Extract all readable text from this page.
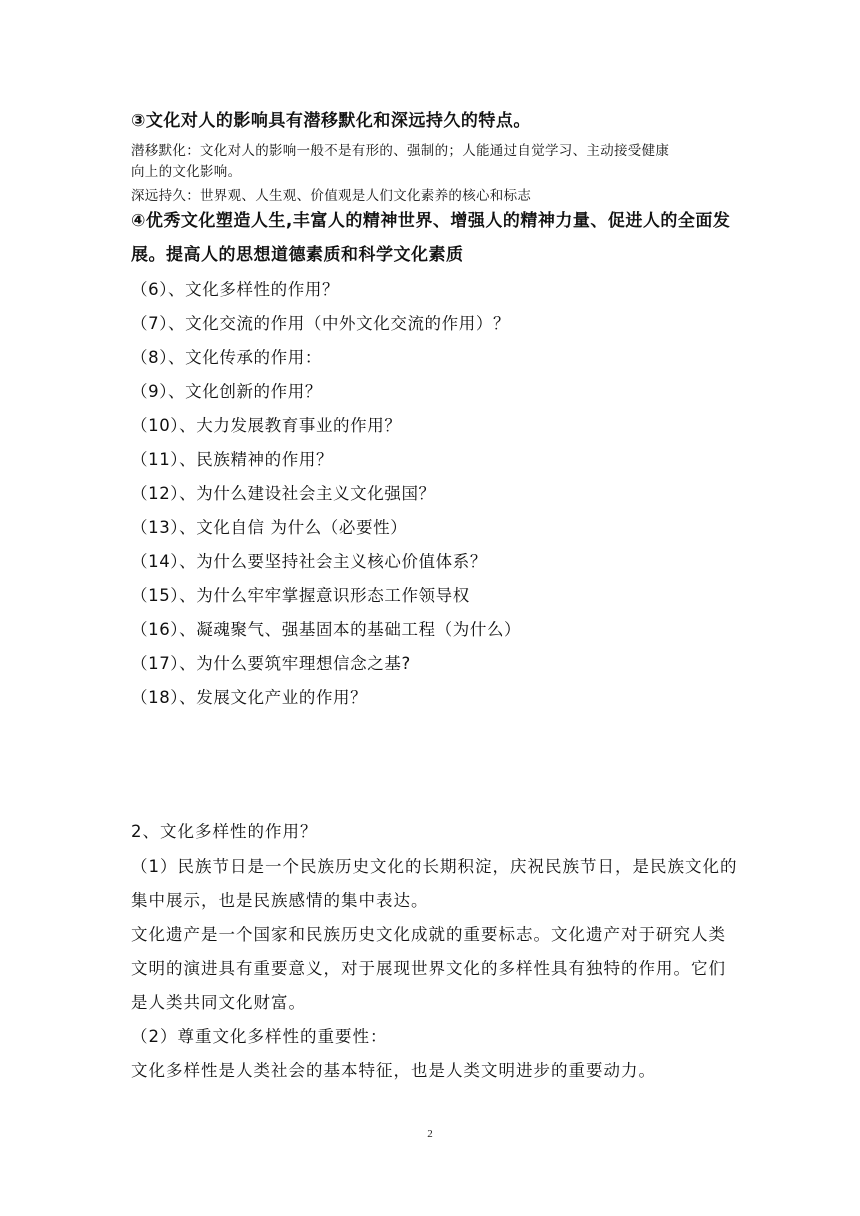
③文化对人的影响具有潜移默化和深远持久的特点。
潜移默化：文化对人的影响一般不是有形的、强制的；人能通过自觉学习、主动接受健康
向上的文化影响。
深远持久：世界观、人生观、价值观是人们文化素养的核心和标志
④优秀文化塑造人生,丰富人的精神世界、增强人的精神力量、促进人的全面发
展。提高人的思想道德素质和科学文化素质
（6）、文化多样性的作用？
（7）、文化交流的作用（中外文化交流的作用）？
（8）、文化传承的作用：
（9）、文化创新的作用？
（10）、大力发展教育事业的作用？
（11）、民族精神的作用？
（12）、为什么建设社会主义文化强国？
（13）、文化自信 为什么（必要性）
（14）、为什么要坚持社会主义核心价值体系？
（15）、为什么牢牢掌握意识形态工作领导权
（16）、凝魂聚气、强基固本的基础工程（为什么）
（17）、为什么要筑牢理想信念之基?
（18）、发展文化产业的作用？
2、文化多样性的作用？
（1）民族节日是一个民族历史文化的长期积淀，庆祝民族节日，是民族文化的
集中展示，也是民族感情的集中表达。
文化遗产是一个国家和民族历史文化成就的重要标志。文化遗产对于研究人类
文明的演进具有重要意义，对于展现世界文化的多样性具有独特的作用。它们
是人类共同文化财富。
（2）尊重文化多样性的重要性：
文化多样性是人类社会的基本特征，也是人类文明进步的重要动力。
2
